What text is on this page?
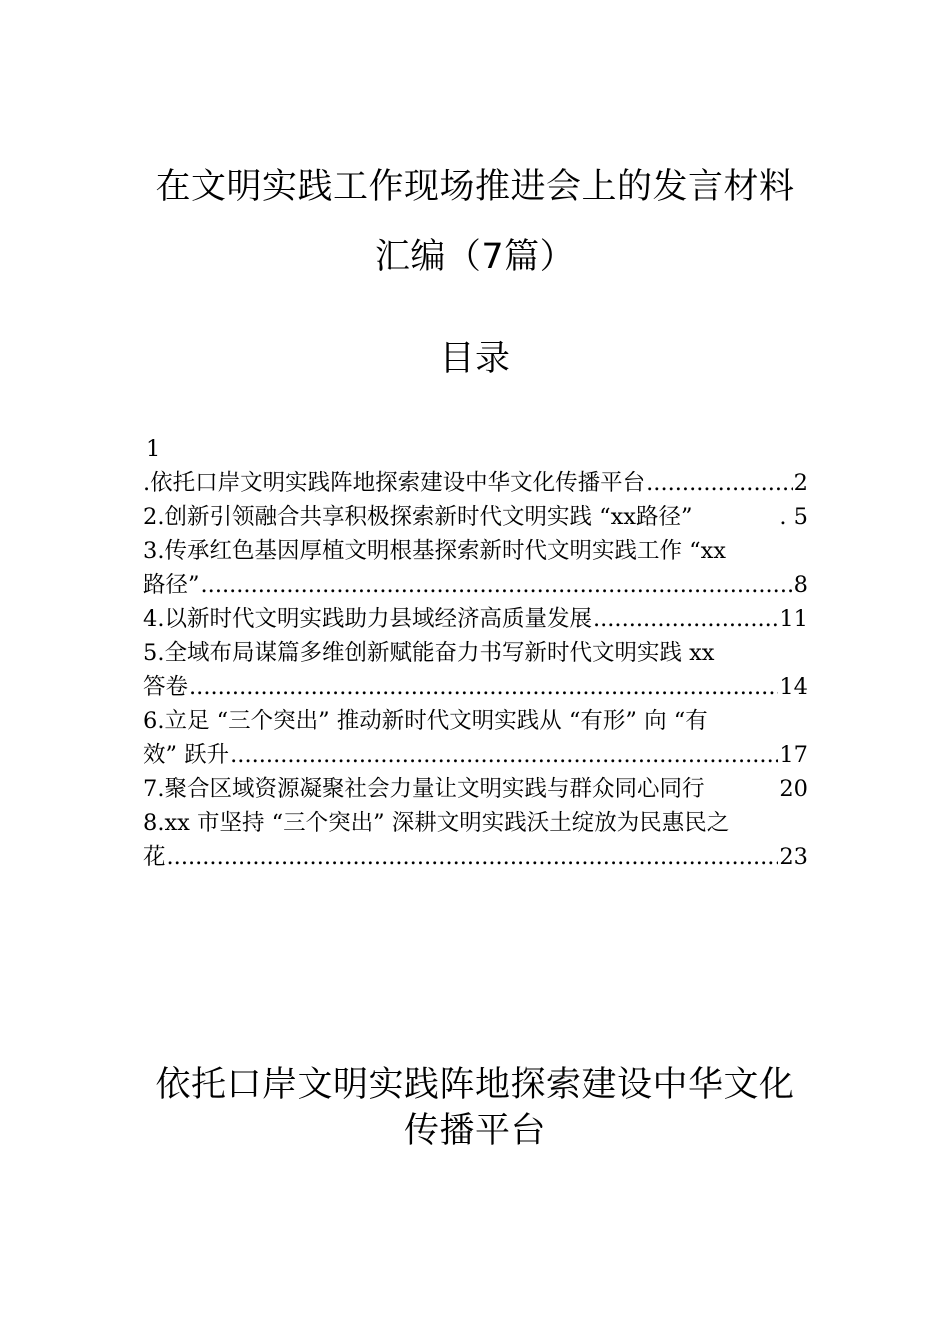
在文明实践工作现场推进会上的发言材料
汇编（7篇）
目录
1
.依托口岸文明实践阵地探索建设中华文化传播平台 .....	2
2.创新引领融合共享积极探索新时代文明实践 “xx路径”	. 5
3.传承红色基因厚植文明根基探索新时代文明实践工作 “xx
路径” .....	8
4.以新时代文明实践助力县域经济高质量发展 .....	11
5.全域布局谋篇多维创新赋能奋力书写新时代文明实践 xx
答卷 .....	14
6.立足 “三个突出” 推动新时代文明实践从 “有形” 向 “有
效” 跃升 .....	17
7.聚合区域资源凝聚社会力量让文明实践与群众同心同行	20
8.xx 市坚持 “三个突出” 深耕文明实践沃土绽放为民惠民之
花 .....	23
依托口岸文明实践阵地探索建设中华文化
传播平台
